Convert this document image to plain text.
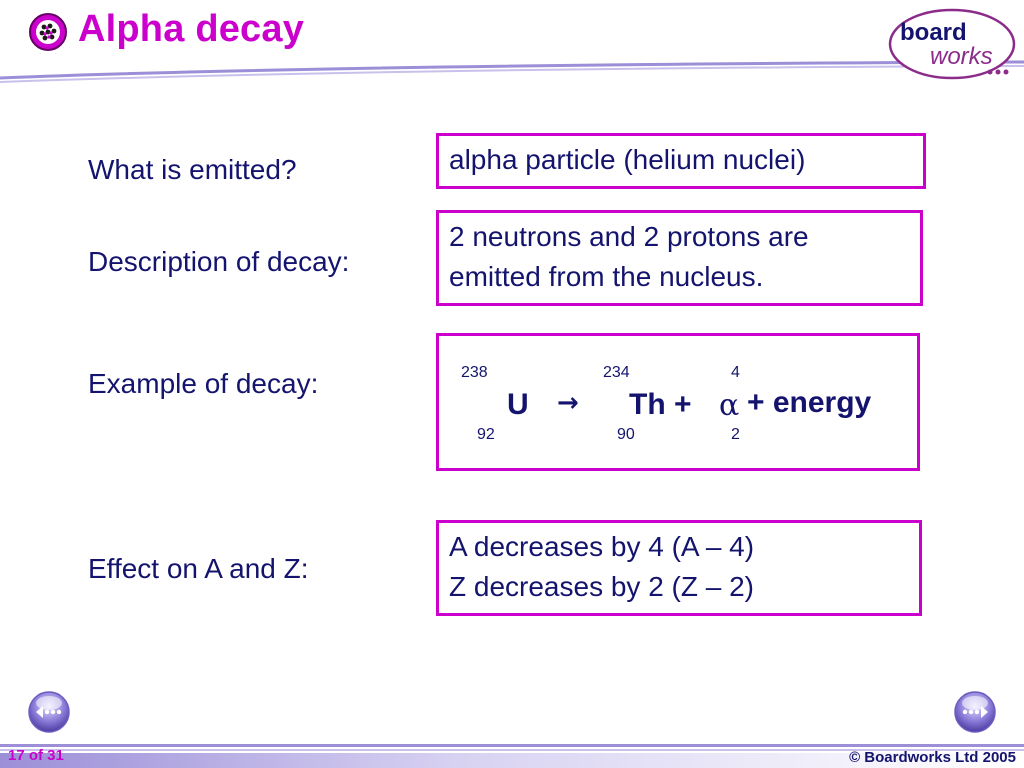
Alpha decay	board
works
What is emitted?	alpha particle (helium nuclei)
Description of decay:
2 neutrons and 2 protons are
emitted from the nucleus.
Example of decay:	238
92
U →
234
90
Th +
4
2
α + energy
Effect on A and Z:
A decreases by 4 (A – 4)
Z decreases by 2 (Z – 2)
17 of 31	© Boardworks Ltd 2005
